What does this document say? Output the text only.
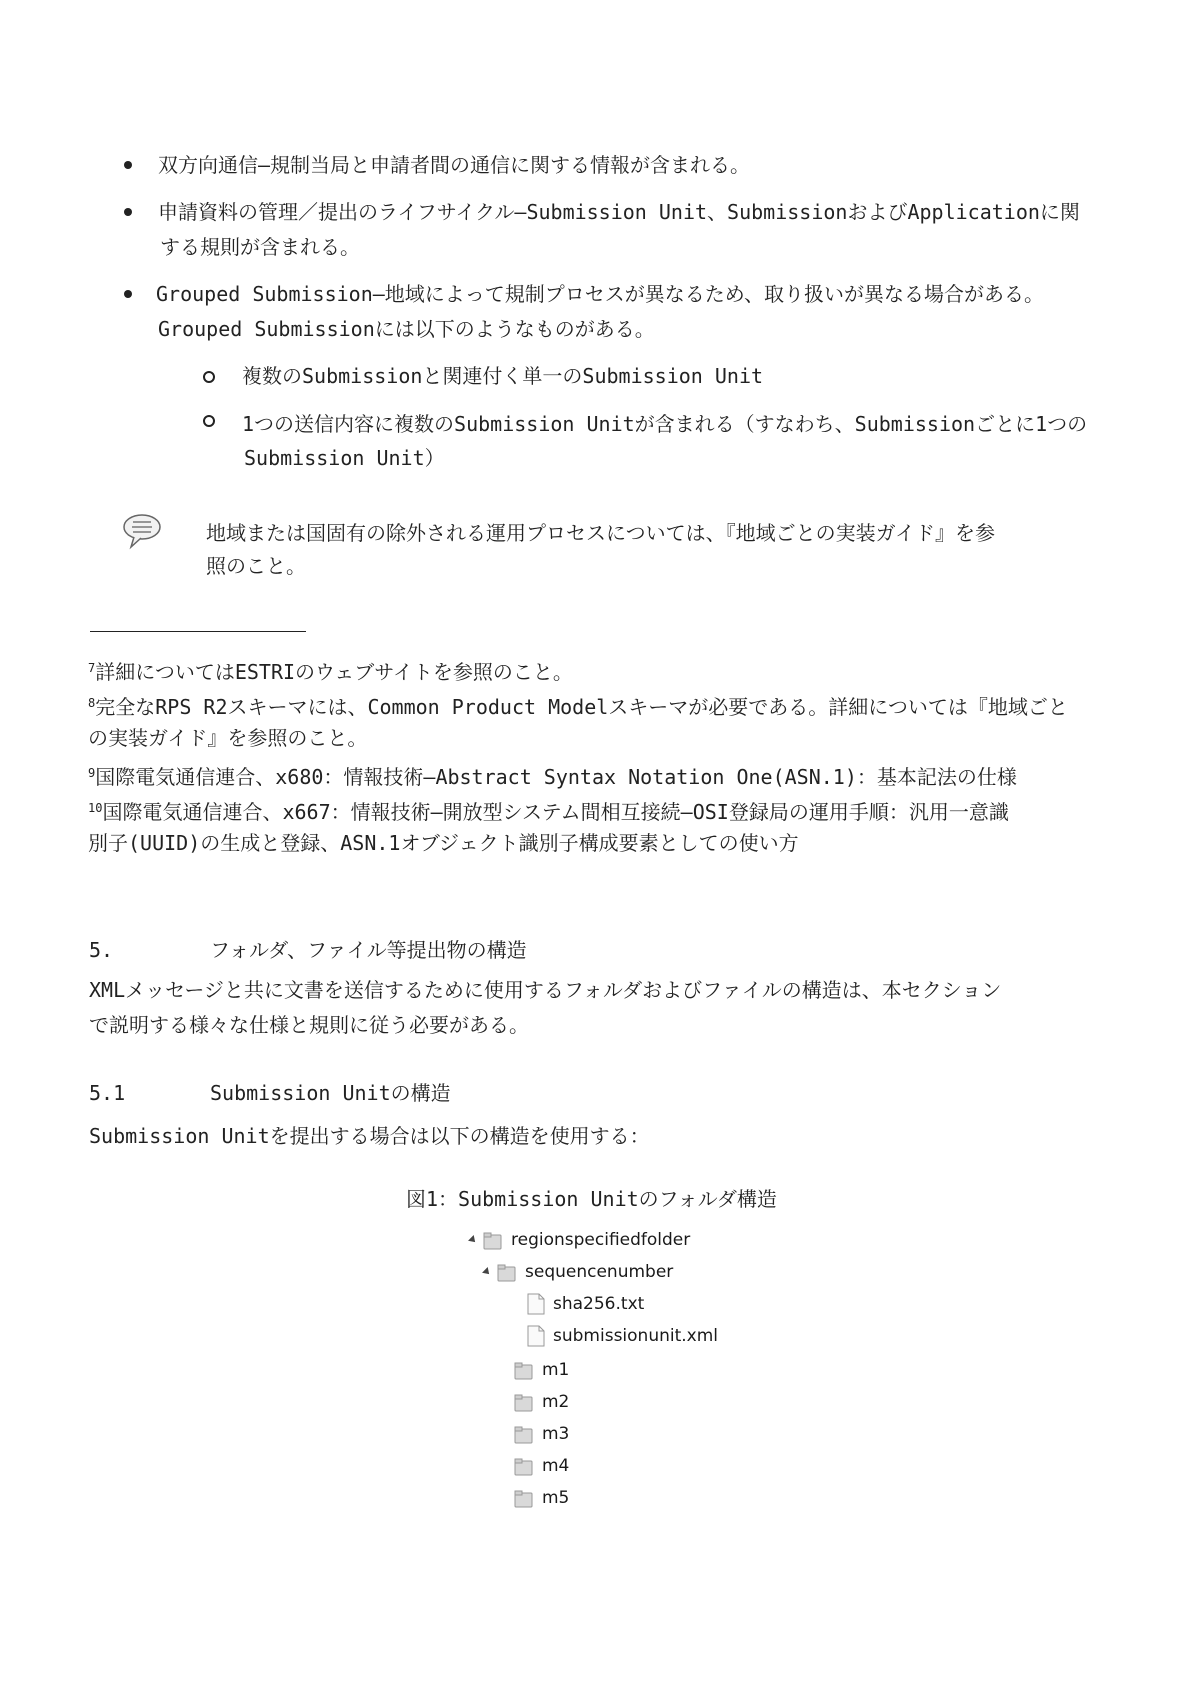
双方向通信―規制当局と申請者間の通信に関する情報が含まれる。
申請資料の管理／提出のライフサイクル―Submission Unit、SubmissionおよびApplicationに関
する規則が含まれる。
Grouped Submission―地域によって規制プロセスが異なるため、取り扱いが異なる場合がある。
Grouped Submissionには以下のようなものがある。
複数のSubmissionと関連付く単一のSubmission Unit
1つの送信内容に複数のSubmission Unitが含まれる（すなわち、Submissionごとに1つの
Submission Unit）
地域または国固有の除外される運用プロセスについては、『地域ごとの実装ガイド』を参
照のこと。
$^7$詳細についてはESTRIのウェブサイトを参照のこと。
$^8$完全なRPS R2スキーマには、Common Product Modelスキーマが必要である。詳細については『地域ごと
の実装ガイド』を参照のこと。
$^9$国際電気通信連合、x680：情報技術―Abstract Syntax Notation One(ASN.1)：基本記法の仕様
$^{10}$国際電気通信連合、x667：情報技術―開放型システム間相互接続―OSI登録局の運用手順：汎用一意識
別子(UUID)の生成と登録、ASN.1オブジェクト識別子構成要素としての使い方
5.	フォルダ、ファイル等提出物の構造
XMLメッセージと共に文書を送信するために使用するフォルダおよびファイルの構造は、本セクション
で説明する様々な仕様と規則に従う必要がある。
5.1	Submission Unitの構造
Submission Unitを提出する場合は以下の構造を使用する：
図1：Submission Unitのフォルダ構造
regionspecifiedfolder
sequencenumber
sha256.txt
submissionunit.xml
m1
m2
m3
m4
m5
